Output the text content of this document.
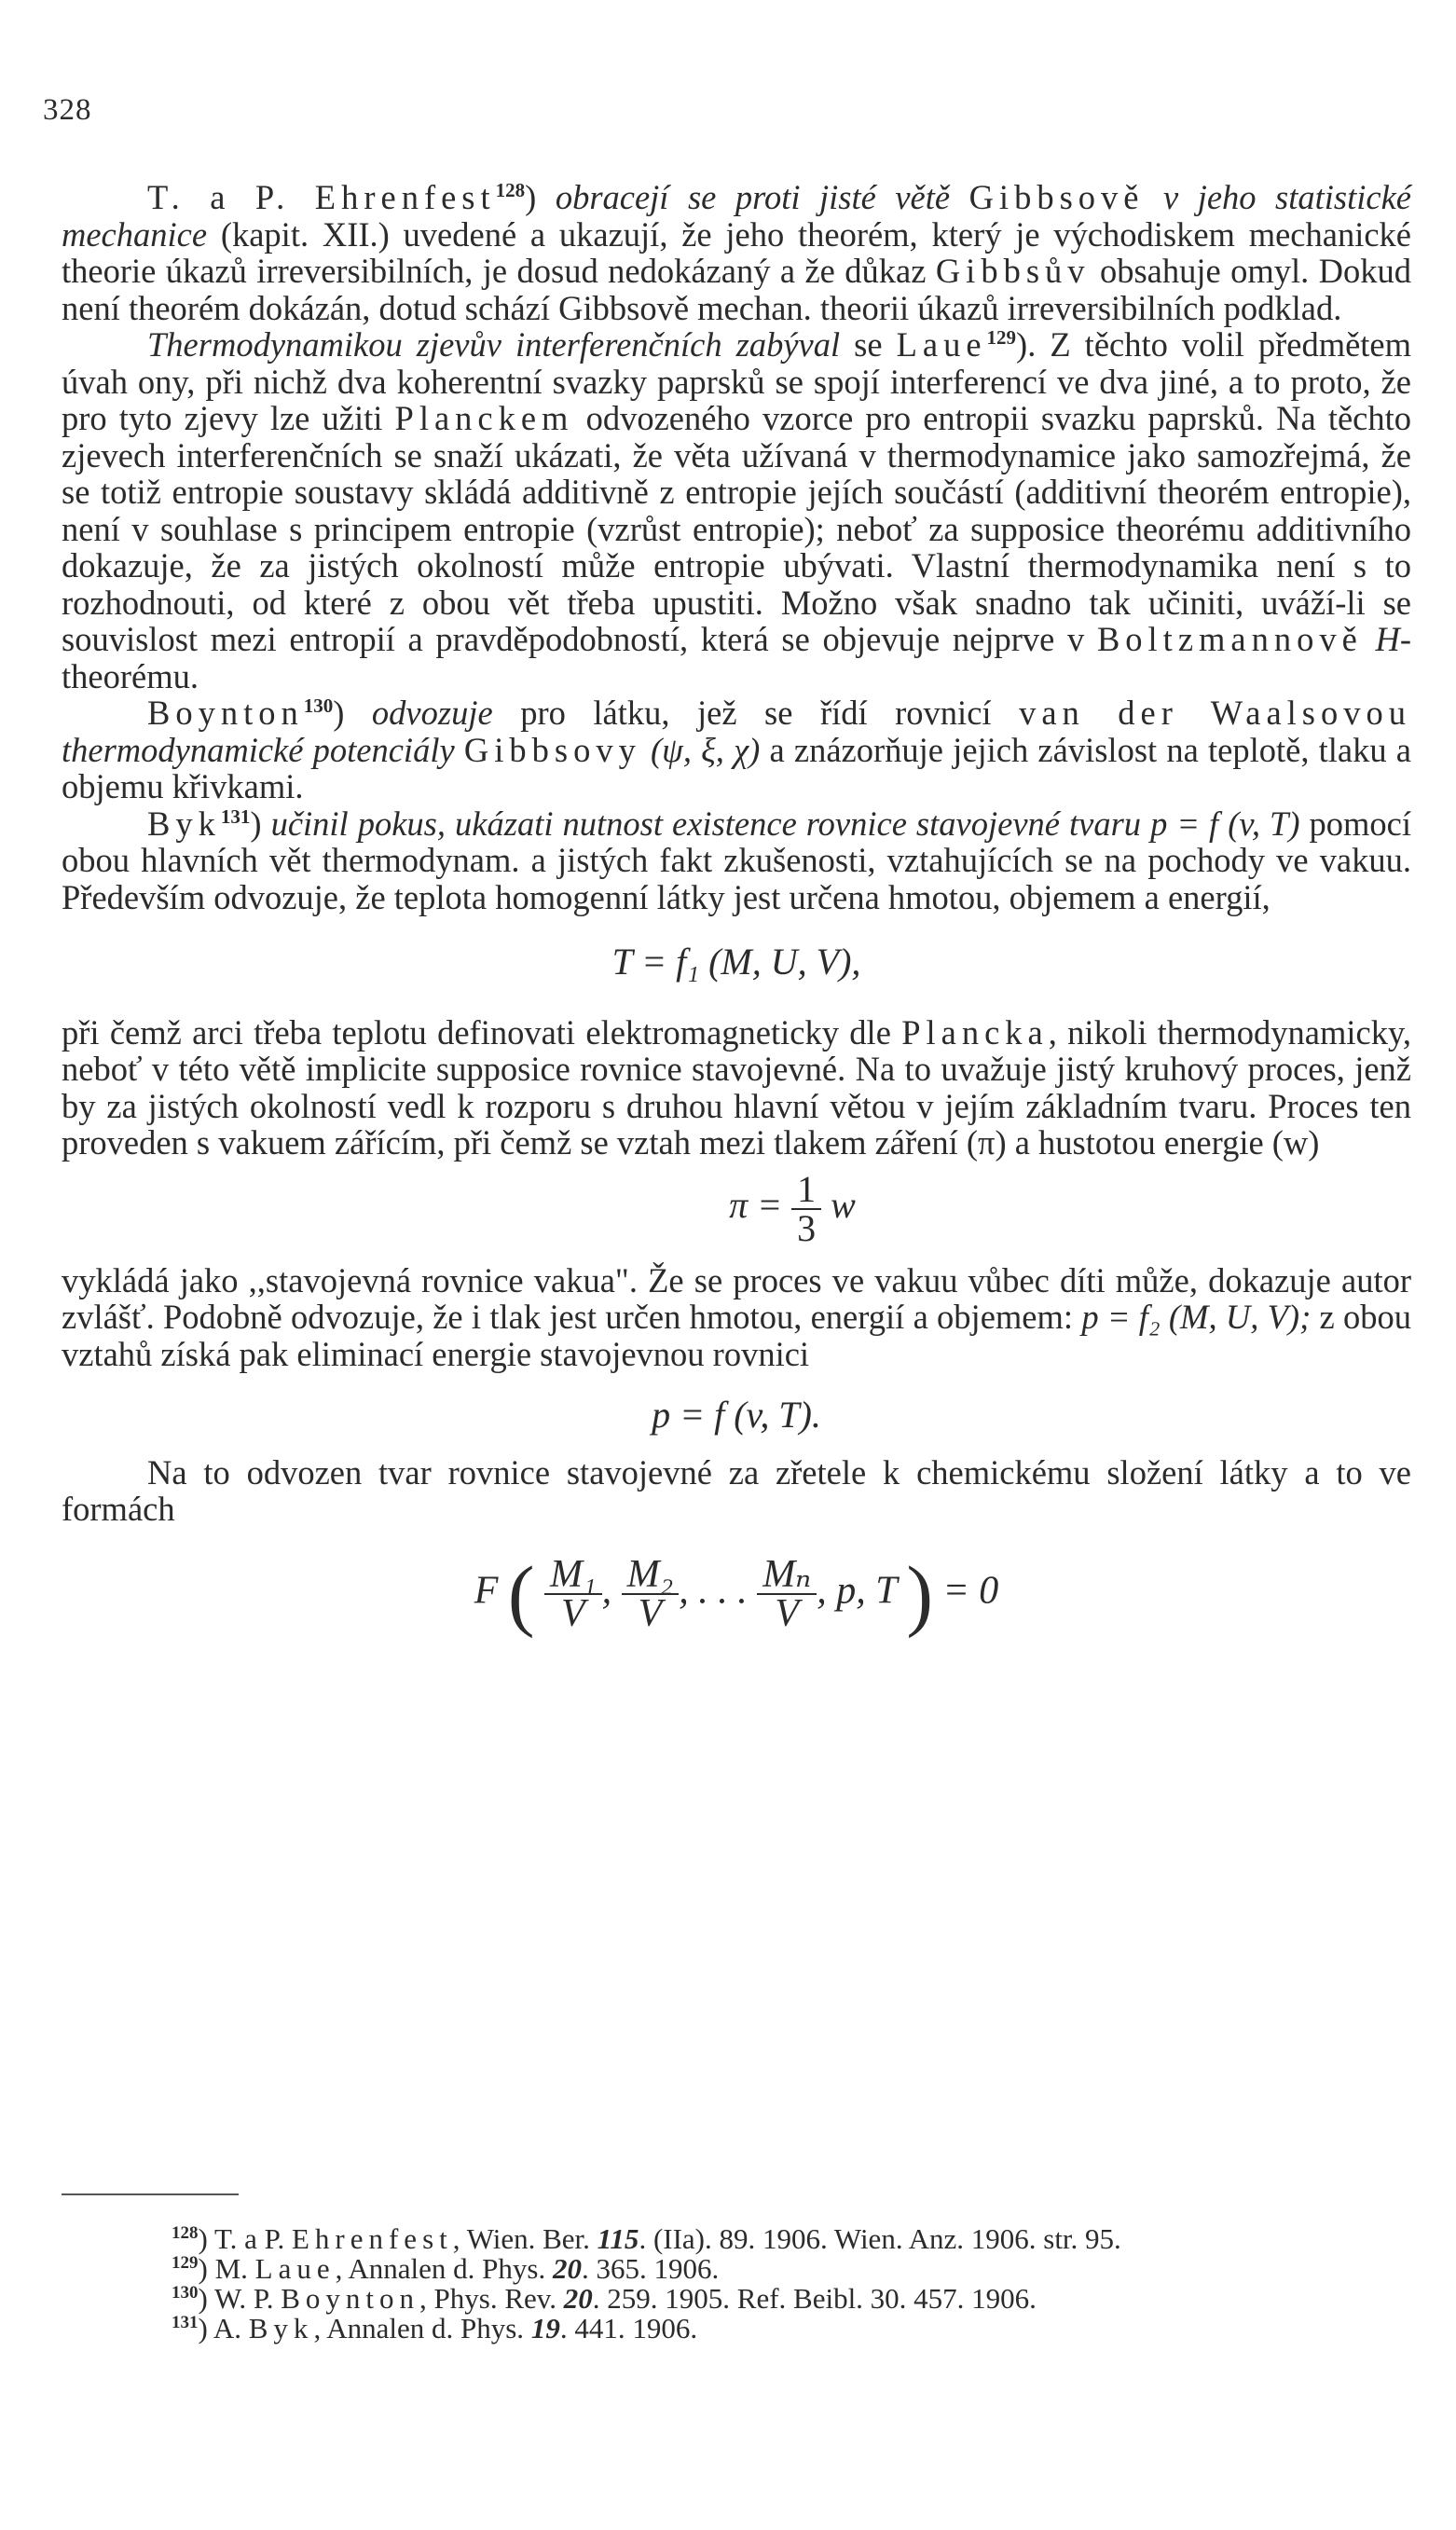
328

T. a P. Ehrenfest$^{128}$) obracejí se proti jisté větě Gibbsově v jeho statistické mechanice (kapit. XII.) uvedené a ukazují, že jeho theorém, který je východiskem mechanické theorie úkazů irreversibilních, je dosud nedokázaný a že důkaz Gibbsův obsahuje omyl. Dokud není theorém dokázán, dotud schází Gibbsově mechan. theorii úkazů irreversibilních podklad.

Thermodynamikou zjevův interferenčních zabýval se Laue$^{129}$). Z těchto volil předmětem úvah ony, při nichž dva koherentní svazky paprsků se spojí interferencí ve dva jiné, a to proto, že pro tyto zjevy lze užiti Planckem odvozeného vzorce pro entropii svazku paprsků. Na těchto zjevech interferenčních se snaží ukázati, že věta užívaná v thermodynamice jako samozřejmá, že se totiž entropie soustavy skládá additivně z entropie jejích součástí (additivní theorém entropie), není v souhlase s principem entropie (vzrůst entropie); neboť za supposice theorému additivního dokazuje, že za jistých okolností může entropie ubývati. Vlastní thermodynamika není s to rozhodnouti, od které z obou vět třeba upustiti. Možno však snadno tak učiniti, uváží-li se souvislost mezi entropií a pravděpodobností, která se objevuje nejprve v Boltzmannově H-theorému.

Boynton$^{130}$) odvozuje pro látku, jež se řídí rovnicí van der Waalsovou thermodynamické potenciály Gibbsovy (ψ, ξ, χ) a znázorňuje jejich závislost na teplotě, tlaku a objemu křivkami.

Byk$^{131}$) učinil pokus, ukázati nutnost existence rovnice stavojevné tvaru p = f (v, T) pomocí obou hlavních vět thermodynam. a jistých fakt zkušenosti, vztahujících se na pochody ve vakuu. Především odvozuje, že teplota homogenní látky jest určena hmotou, objemem a energií,

T = f₁ (M, U, V),

při čemž arci třeba teplotu definovati elektromagneticky dle Plancka, nikoli thermodynamicky, neboť v této větě implicite supposice rovnice stavojevné. Na to uvažuje jistý kruhový proces, jenž by za jistých okolností vedl k rozporu s druhou hlavní větou v jejím základním tvaru. Proces ten proveden s vakuem zářícím, při čemž se vztah mezi tlakem záření (π) a hustotou energie (w)

$\pi = \frac{1}{3}$ w

vykládá jako ,,stavojevná rovnice vakua". Že se proces ve vakuu vůbec díti může, dokazuje autor zvlášť. Podobně odvozuje, že i tlak jest určen hmotou, energií a objemem: p = f₂ (M, U, V); z obou vztahů získá pak eliminací energie stavojevnou rovnici

p = f (v, T).

Na to odvozen tvar rovnice stavojevné za zřetele k chemickému složení látky a to ve formách

F ( $\frac{\text{M₁}}{V}$ , $\frac{\text{M₂}}{V}$ , . . . $\frac{\text{Mₙ}}{V}$ , p, T ) = 0

$^{128}$) T. a P. Ehrenfest, Wien. Ber. 115. (IIa). 89. 1906. Wien. Anz. 1906. str. 95.

$^{129}$) M. Laue, Annalen d. Phys. 20. 365. 1906.

$^{130}$) W. P. Boynton, Phys. Rev. 20. 259. 1905. Ref. Beibl. 30. 457. 1906.

$^{131}$) A. Byk, Annalen d. Phys. 19. 441. 1906.
